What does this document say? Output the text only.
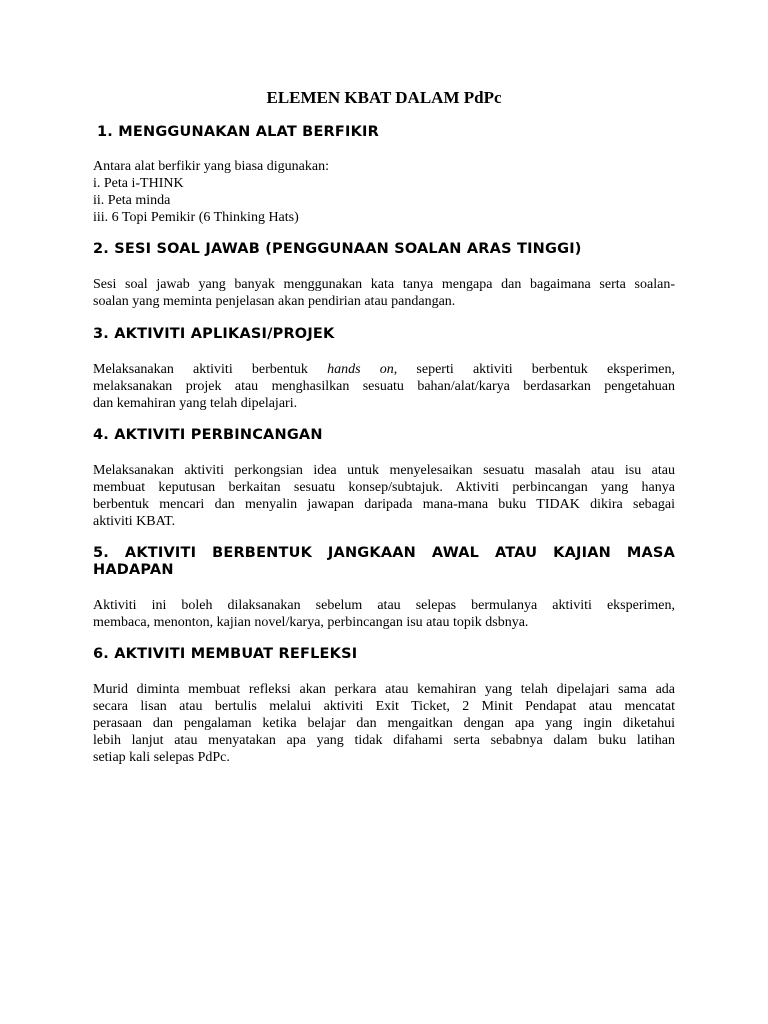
ELEMEN KBAT DALAM PdPc
1. MENGGUNAKAN ALAT BERFIKIR
Antara alat berfikir yang biasa digunakan:
i. Peta i-THINK
ii. Peta minda
iii. 6 Topi Pemikir (6 Thinking Hats)
2. SESI SOAL JAWAB (PENGGUNAAN SOALAN ARAS TINGGI)

Sesi soal jawab yang banyak menggunakan kata tanya mengapa dan bagaimana serta soalan-
soalan yang meminta penjelasan akan pendirian atau pandangan.

3. AKTIVITI APLIKASI/PROJEK

Melaksanakan aktiviti berbentuk hands on, seperti aktiviti berbentuk eksperimen,
melaksanakan projek atau menghasilkan sesuatu bahan/alat/karya berdasarkan pengetahuan
dan kemahiran yang telah dipelajari.

4. AKTIVITI PERBINCANGAN

Melaksanakan aktiviti perkongsian idea untuk menyelesaikan sesuatu masalah atau isu atau
membuat keputusan berkaitan sesuatu konsep/subtajuk. Aktiviti perbincangan yang hanya
berbentuk mencari dan menyalin jawapan daripada mana-mana buku TIDAK dikira sebagai
aktiviti KBAT.

5. AKTIVITI BERBENTUK JANGKAAN AWAL ATAU KAJIAN MASA
HADAPAN

Aktiviti ini boleh dilaksanakan sebelum atau selepas bermulanya aktiviti eksperimen,
membaca, menonton, kajian novel/karya, perbincangan isu atau topik dsbnya.

6. AKTIVITI MEMBUAT REFLEKSI

Murid diminta membuat refleksi akan perkara atau kemahiran yang telah dipelajari sama ada
secara lisan atau bertulis melalui aktiviti Exit Ticket, 2 Minit Pendapat atau mencatat
perasaan dan pengalaman ketika belajar dan mengaitkan dengan apa yang ingin diketahui
lebih lanjut atau menyatakan apa yang tidak difahami serta sebabnya dalam buku latihan
setiap kali selepas PdPc.
